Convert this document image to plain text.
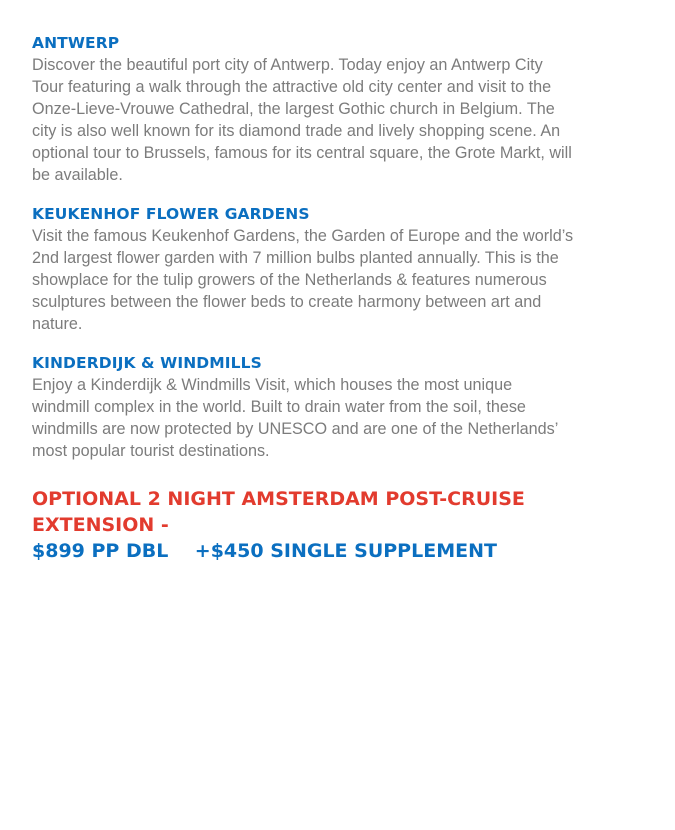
ANTWERP

Discover the beautiful port city of Antwerp. Today enjoy an Antwerp City
Tour featuring a walk through the attractive old city center and visit to the
Onze-Lieve-Vrouwe Cathedral, the largest Gothic church in Belgium. The
city is also well known for its diamond trade and lively shopping scene. An
optional tour to Brussels, famous for its central square, the Grote Markt, will
be available.

KEUKENHOF FLOWER GARDENS

Visit the famous Keukenhof Gardens, the Garden of Europe and the world’s
2nd largest flower garden with 7 million bulbs planted annually. This is the
showplace for the tulip growers of the Netherlands & features numerous
sculptures between the flower beds to create harmony between art and
nature.

KINDERDIJK & WINDMILLS

Enjoy a Kinderdijk & Windmills Visit, which houses the most unique
windmill complex in the world. Built to drain water from the soil, these
windmills are now protected by UNESCO and are one of the Netherlands’
most popular tourist destinations.

OPTIONAL 2 NIGHT AMSTERDAM POST-CRUISE EXTENSION -
$899 PP DBL    +$450 SINGLE SUPPLEMENT
